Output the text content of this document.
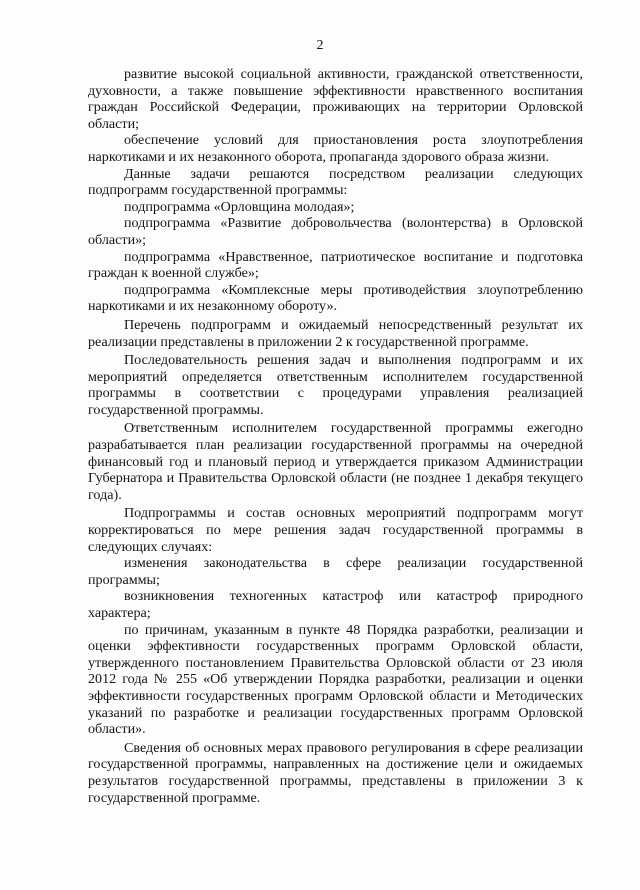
2

развитие высокой социальной активности, гражданской ответственности, духовности, а также повышение эффективности нравственного воспитания граждан Российской Федерации, проживающих на территории Орловской области;

обеспечение условий для приостановления роста злоупотребления наркотиками и их незаконного оборота, пропаганда здорового образа жизни.

Данные задачи решаются посредством реализации следующих подпрограмм государственной программы:

подпрограмма «Орловщина молодая»;

подпрограмма «Развитие добровольчества (волонтерства) в Орловской области»;

подпрограмма «Нравственное, патриотическое воспитание и подготовка граждан к военной службе»;

подпрограмма «Комплексные меры противодействия злоупотреблению наркотиками и их незаконному обороту».

Перечень подпрограмм и ожидаемый непосредственный результат их реализации представлены в приложении 2 к государственной программе.

Последовательность решения задач и выполнения подпрограмм и их мероприятий определяется ответственным исполнителем государственной программы в соответствии с процедурами управления реализацией государственной программы.

Ответственным исполнителем государственной программы ежегодно разрабатывается план реализации государственной программы на очередной финансовый год и плановый период и утверждается приказом Администрации Губернатора и Правительства Орловской области (не позднее 1 декабря текущего года).

Подпрограммы и состав основных мероприятий подпрограмм могут корректироваться по мере решения задач государственной программы в следующих случаях:

изменения законодательства в сфере реализации государственной программы;

возникновения техногенных катастроф или катастроф природного характера;

по причинам, указанным в пункте 48 Порядка разработки, реализации и оценки эффективности государственных программ Орловской области, утвержденного постановлением Правительства Орловской области от 23 июля 2012 года № 255 «Об утверждении Порядка разработки, реализации и оценки эффективности государственных программ Орловской области и Методических указаний по разработке и реализации государственных программ Орловской области».

Сведения об основных мерах правового регулирования в сфере реализации государственной программы, направленных на достижение цели и ожидаемых результатов государственной программы, представлены в приложении 3 к государственной программе.
